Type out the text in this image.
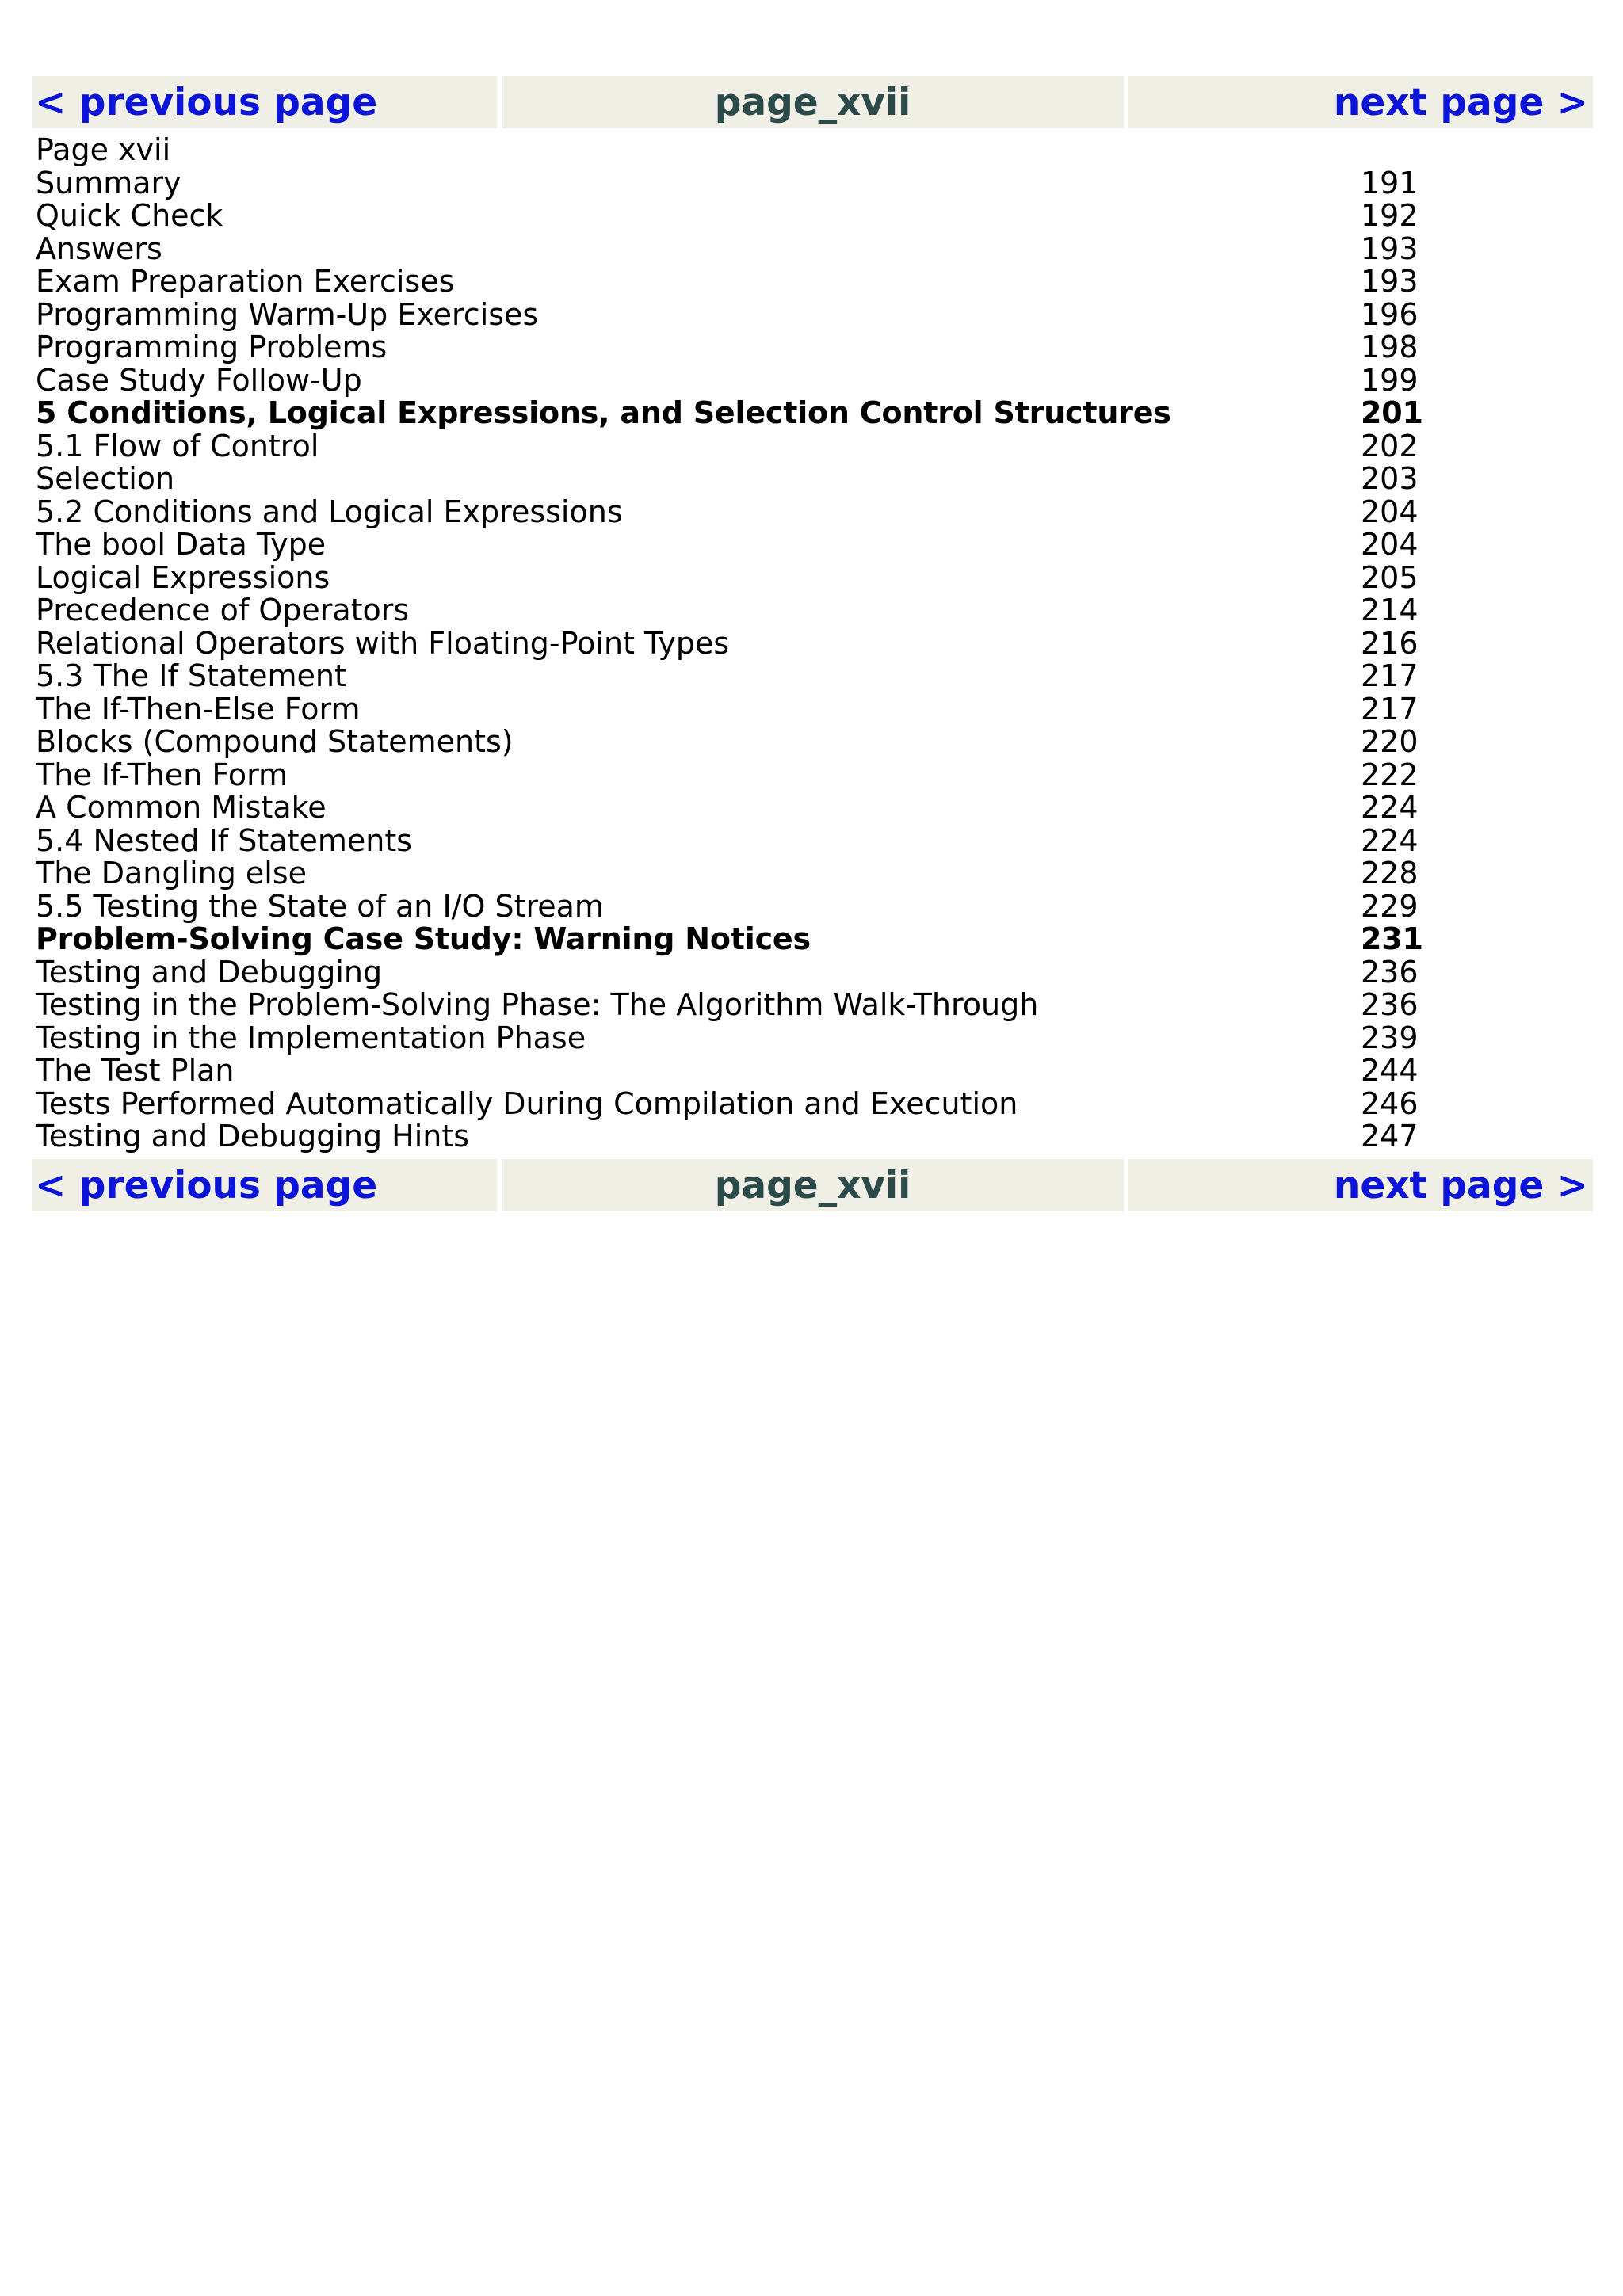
< previous page	page_xvii	next page >
Page xvii
Summary	191
Quick Check	192
Answers	193
Exam Preparation Exercises	193
Programming Warm-Up Exercises	196
Programming Problems	198
Case Study Follow-Up	199
5 Conditions, Logical Expressions, and Selection Control Structures	201
5.1 Flow of Control	202
Selection	203
5.2 Conditions and Logical Expressions	204
The bool Data Type	204
Logical Expressions	205
Precedence of Operators	214
Relational Operators with Floating-Point Types	216
5.3 The If Statement	217
The If-Then-Else Form	217
Blocks (Compound Statements)	220
The If-Then Form	222
A Common Mistake	224
5.4 Nested If Statements	224
The Dangling else	228
5.5 Testing the State of an I/O Stream	229
Problem-Solving Case Study: Warning Notices	231
Testing and Debugging	236
Testing in the Problem-Solving Phase: The Algorithm Walk-Through	236
Testing in the Implementation Phase	239
The Test Plan	244
Tests Performed Automatically During Compilation and Execution	246
Testing and Debugging Hints	247
< previous page	page_xvii	next page >
